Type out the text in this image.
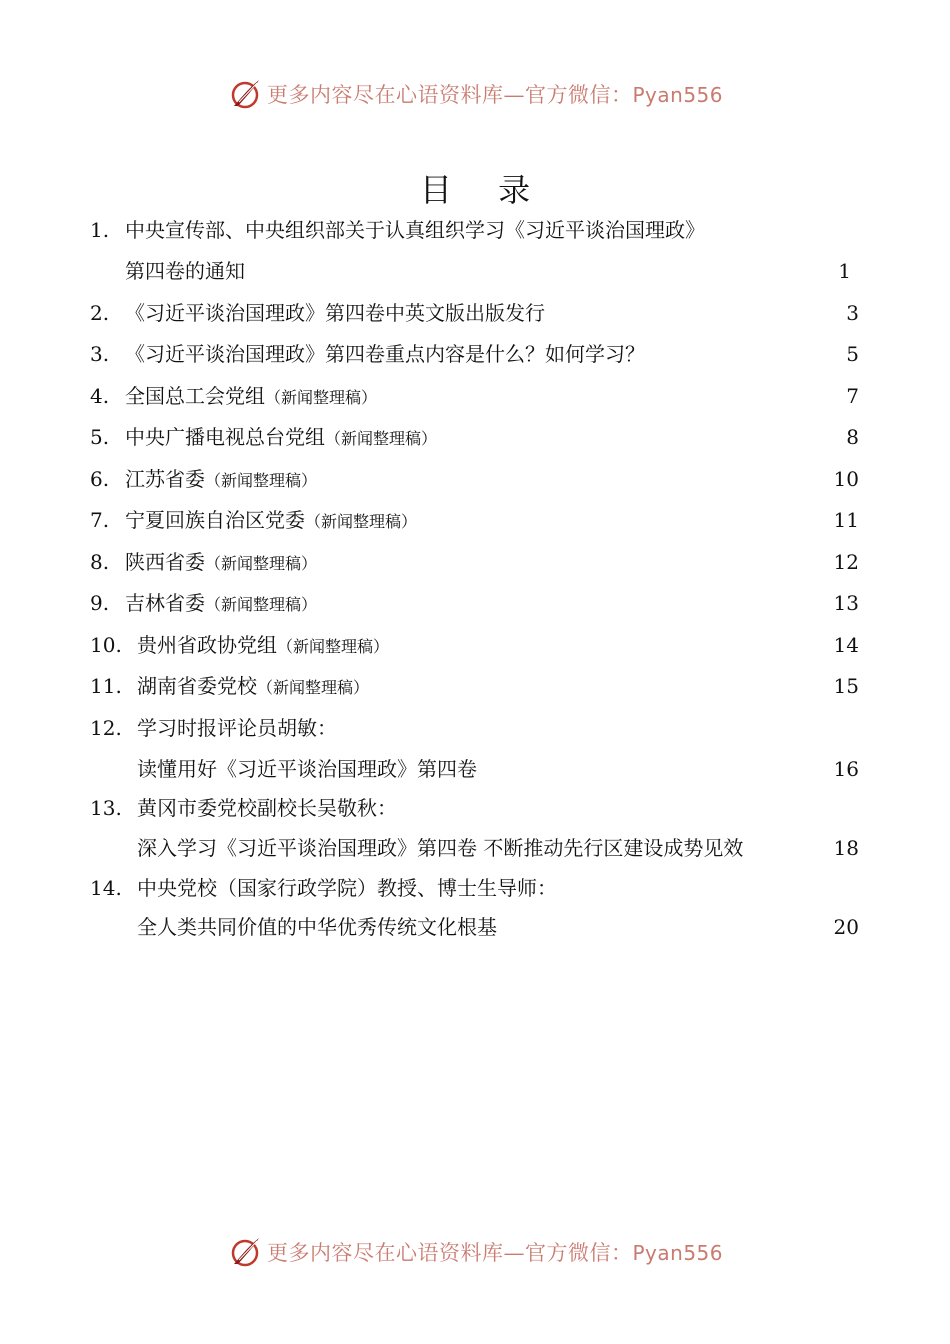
更多内容尽在心语资料库—官方微信：Pyan556
目 录
1. 中央宣传部、中央组织部关于认真组织学习《习近平谈治国理政》
第四卷的通知	1
2. 《习近平谈治国理政》第四卷中英文版出版发行	3
3. 《习近平谈治国理政》第四卷重点内容是什么？如何学习？	5
4. 全国总工会党组（新闻整理稿）	7
5. 中央广播电视总台党组（新闻整理稿）	8
6. 江苏省委（新闻整理稿）	10
7. 宁夏回族自治区党委（新闻整理稿）	11
8. 陕西省委（新闻整理稿）	12
9. 吉林省委（新闻整理稿）	13
10. 贵州省政协党组（新闻整理稿）	14
11. 湖南省委党校（新闻整理稿）	15
12. 学习时报评论员胡敏：
读懂用好《习近平谈治国理政》第四卷	16
13. 黄冈市委党校副校长吴敬秋：
深入学习《习近平谈治国理政》第四卷 不断推动先行区建设成势见效	18
14. 中央党校（国家行政学院）教授、博士生导师：
全人类共同价值的中华优秀传统文化根基	20
更多内容尽在心语资料库—官方微信：Pyan556
